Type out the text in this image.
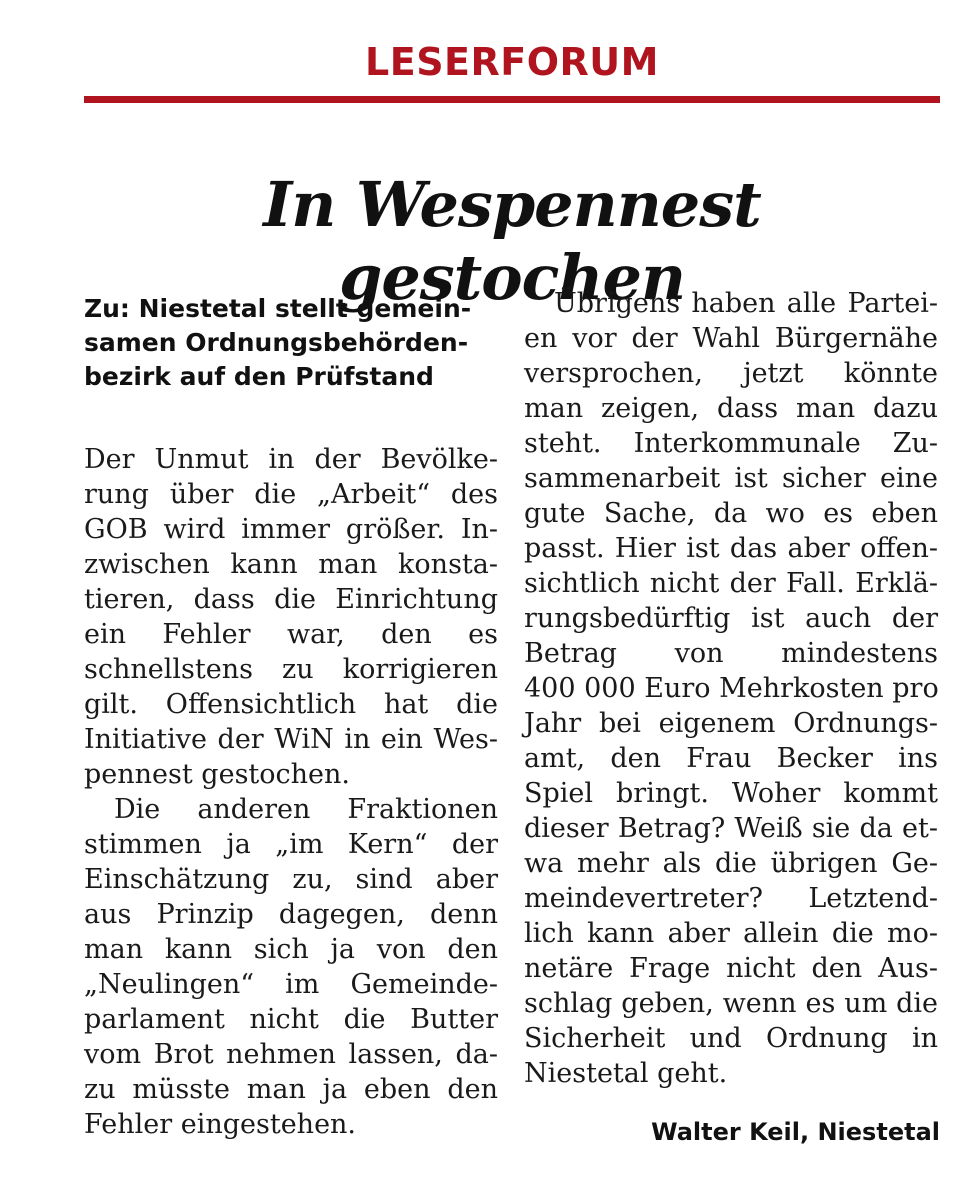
LESERFORUM
In Wespennest gestochen
Zu: Niestetal stellt gemein-
samen Ordnungsbehörden-
bezirk auf den Prüfstand
Der Unmut in der Bevölke-
rung über die „Arbeit“ des
GOB wird immer größer. In-
zwischen kann man konsta-
tieren, dass die Einrichtung
ein Fehler war, den es
schnellstens zu korrigieren
gilt. Offensichtlich hat die
Initiative der WiN in ein Wes-
pennest gestochen.
Die anderen Fraktionen
stimmen ja „im Kern“ der
Einschätzung zu, sind aber
aus Prinzip dagegen, denn
man kann sich ja von den
„Neulingen“ im Gemeinde-
parlament nicht die Butter
vom Brot nehmen lassen, da-
zu müsste man ja eben den
Fehler eingestehen.
Übrigens haben alle Partei-
en vor der Wahl Bürgernähe
versprochen, jetzt könnte
man zeigen, dass man dazu
steht. Interkommunale Zu-
sammenarbeit ist sicher eine
gute Sache, da wo es eben
passt. Hier ist das aber offen-
sichtlich nicht der Fall. Erklä-
rungsbedürftig ist auch der
Betrag von mindestens
400 000 Euro Mehrkosten pro
Jahr bei eigenem Ordnungs-
amt, den Frau Becker ins
Spiel bringt. Woher kommt
dieser Betrag? Weiß sie da et-
wa mehr als die übrigen Ge-
meindevertreter? Letztend-
lich kann aber allein die mo-
netäre Frage nicht den Aus-
schlag geben, wenn es um die
Sicherheit und Ordnung in
Niestetal geht.
Walter Keil, Niestetal
